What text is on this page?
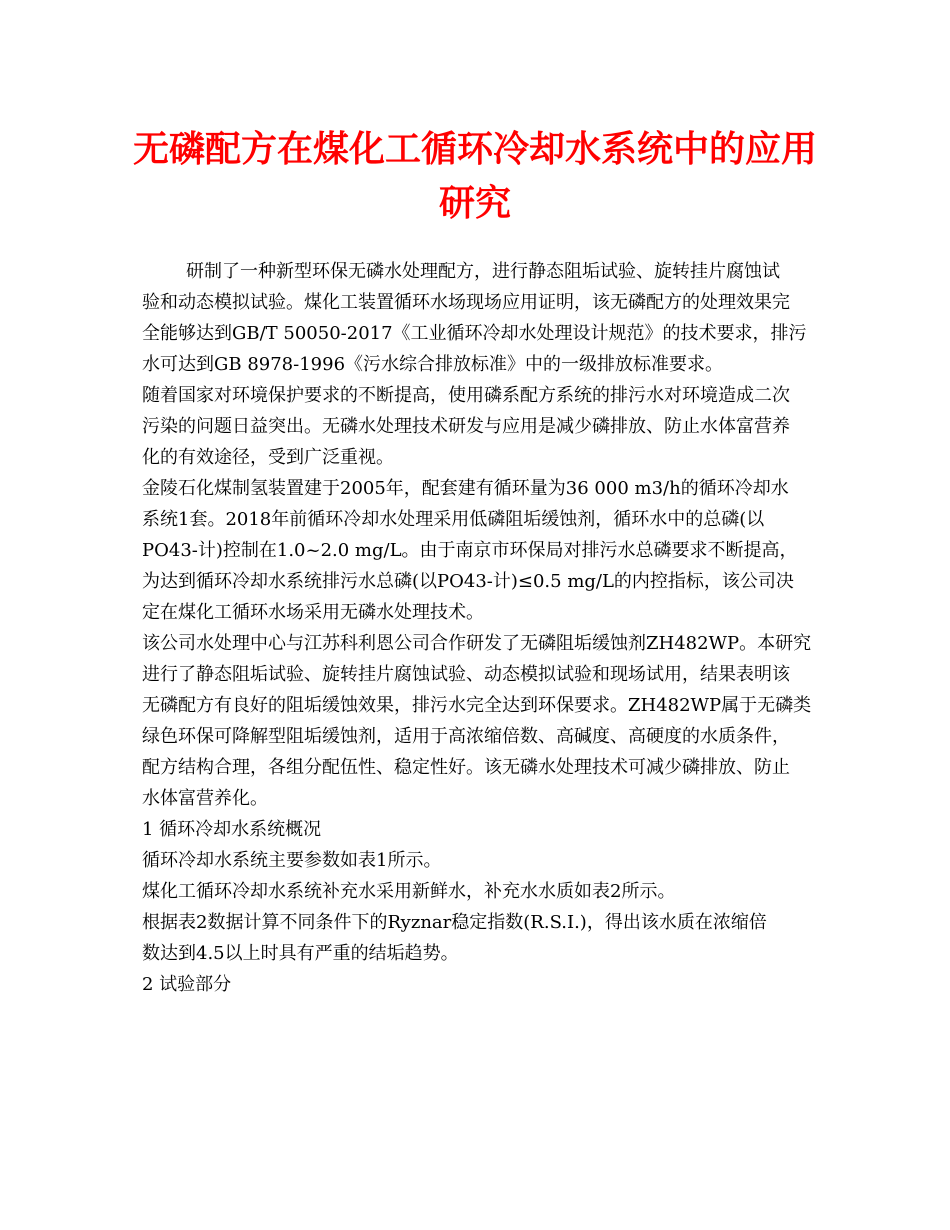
无磷配方在煤化工循环冷却水系统中的应用
研究
研制了一种新型环保无磷水处理配方，进行静态阻垢试验、旋转挂片腐蚀试
验和动态模拟试验。煤化工装置循环水场现场应用证明，该无磷配方的处理效果完
全能够达到GB/T 50050-2017《工业循环冷却水处理设计规范》的技术要求，排污
水可达到GB 8978-1996《污水综合排放标准》中的一级排放标准要求。
随着国家对环境保护要求的不断提高，使用磷系配方系统的排污水对环境造成二次
污染的问题日益突出。无磷水处理技术研发与应用是减少磷排放、防止水体富营养
化的有效途径，受到广泛重视。
金陵石化煤制氢装置建于2005年，配套建有循环量为36 000 m3/h的循环冷却水
系统1套。2018年前循环冷却水处理采用低磷阻垢缓蚀剂，循环水中的总磷(以
PO43-计)控制在1.0~2.0 mg/L。由于南京市环保局对排污水总磷要求不断提高，
为达到循环冷却水系统排污水总磷(以PO43-计)≤0.5 mg/L的内控指标，该公司决
定在煤化工循环水场采用无磷水处理技术。
该公司水处理中心与江苏科利恩公司合作研发了无磷阻垢缓蚀剂ZH482WP。本研究
进行了静态阻垢试验、旋转挂片腐蚀试验、动态模拟试验和现场试用，结果表明该
无磷配方有良好的阻垢缓蚀效果，排污水完全达到环保要求。ZH482WP属于无磷类
绿色环保可降解型阻垢缓蚀剂，适用于高浓缩倍数、高碱度、高硬度的水质条件，
配方结构合理，各组分配伍性、稳定性好。该无磷水处理技术可减少磷排放、防止
水体富营养化。
1 循环冷却水系统概况
循环冷却水系统主要参数如表1所示。
煤化工循环冷却水系统补充水采用新鲜水，补充水水质如表2所示。
根据表2数据计算不同条件下的Ryznar稳定指数(R.S.I.)，得出该水质在浓缩倍
数达到4.5以上时具有严重的结垢趋势。
2 试验部分
